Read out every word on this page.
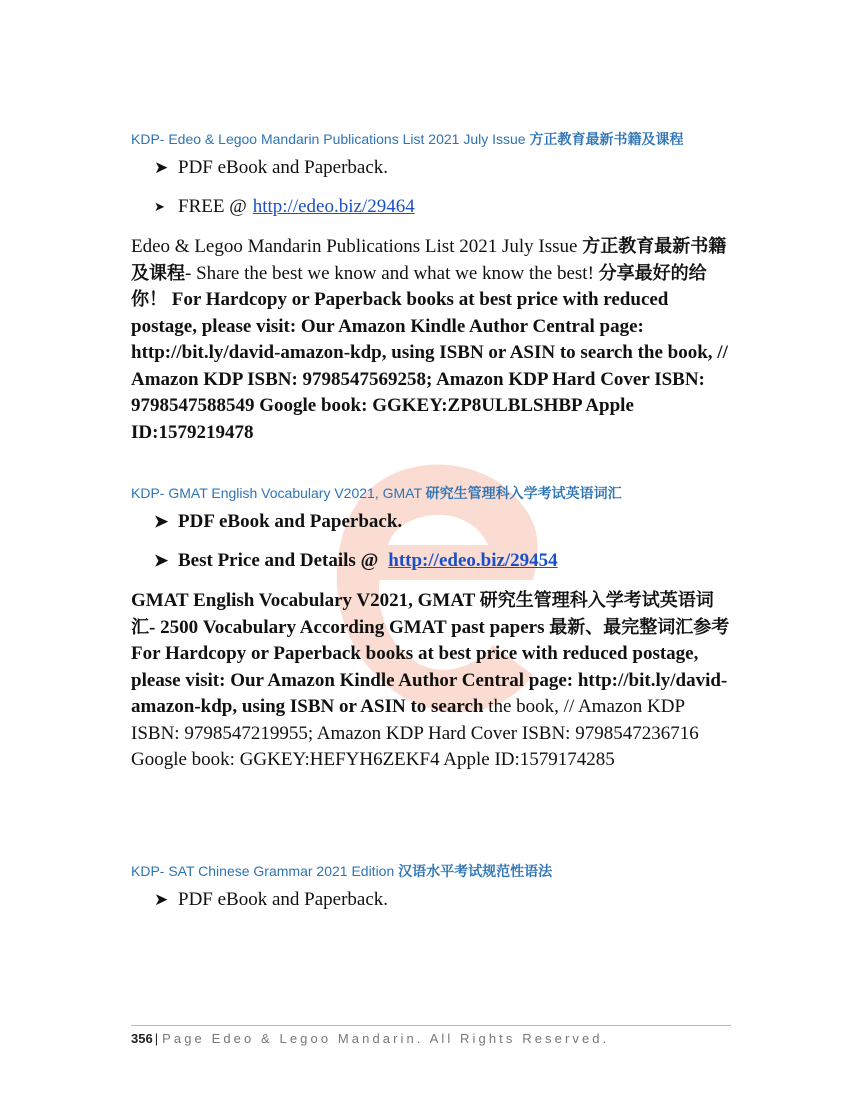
KDP- Edeo & Legoo Mandarin Publications List 2021 July Issue 方正教育最新书籍及课程

➤ PDF eBook and Paperback.
➤ FREE @ http://edeo.biz/29464

Edeo & Legoo Mandarin Publications List 2021 July Issue 方正教育最新书籍及课程- Share the best we know and what we know the best! 分享最好的给你！ For Hardcopy or Paperback books at best price with reduced postage, please visit: Our Amazon Kindle Author Central page: http://bit.ly/david-amazon-kdp, using ISBN or ASIN to search the book, // Amazon KDP ISBN: 9798547569258; Amazon KDP Hard Cover ISBN: 9798547588549 Google book: GGKEY:ZP8ULBLSHBP Apple ID:1579219478

KDP- GMAT English Vocabulary V2021, GMAT 研究生管理科入学考试英语词汇

➤ PDF eBook and Paperback.
➤ Best Price and Details @ http://edeo.biz/29454

GMAT English Vocabulary V2021, GMAT 研究生管理科入学考试英语词汇- 2500 Vocabulary According GMAT past papers 最新、最完整词汇参考 For Hardcopy or Paperback books at best price with reduced postage, please visit: Our Amazon Kindle Author Central page: http://bit.ly/david-amazon-kdp, using ISBN or ASIN to search the book, // Amazon KDP ISBN: 9798547219955; Amazon KDP Hard Cover ISBN: 9798547236716 Google book: GGKEY:HEFYH6ZEKF4 Apple ID:1579174285

KDP- SAT Chinese Grammar 2021 Edition 汉语水平考试规范性语法

➤ PDF eBook and Paperback.
356 | Page Edeo & Legoo Mandarin. All Rights Reserved.
